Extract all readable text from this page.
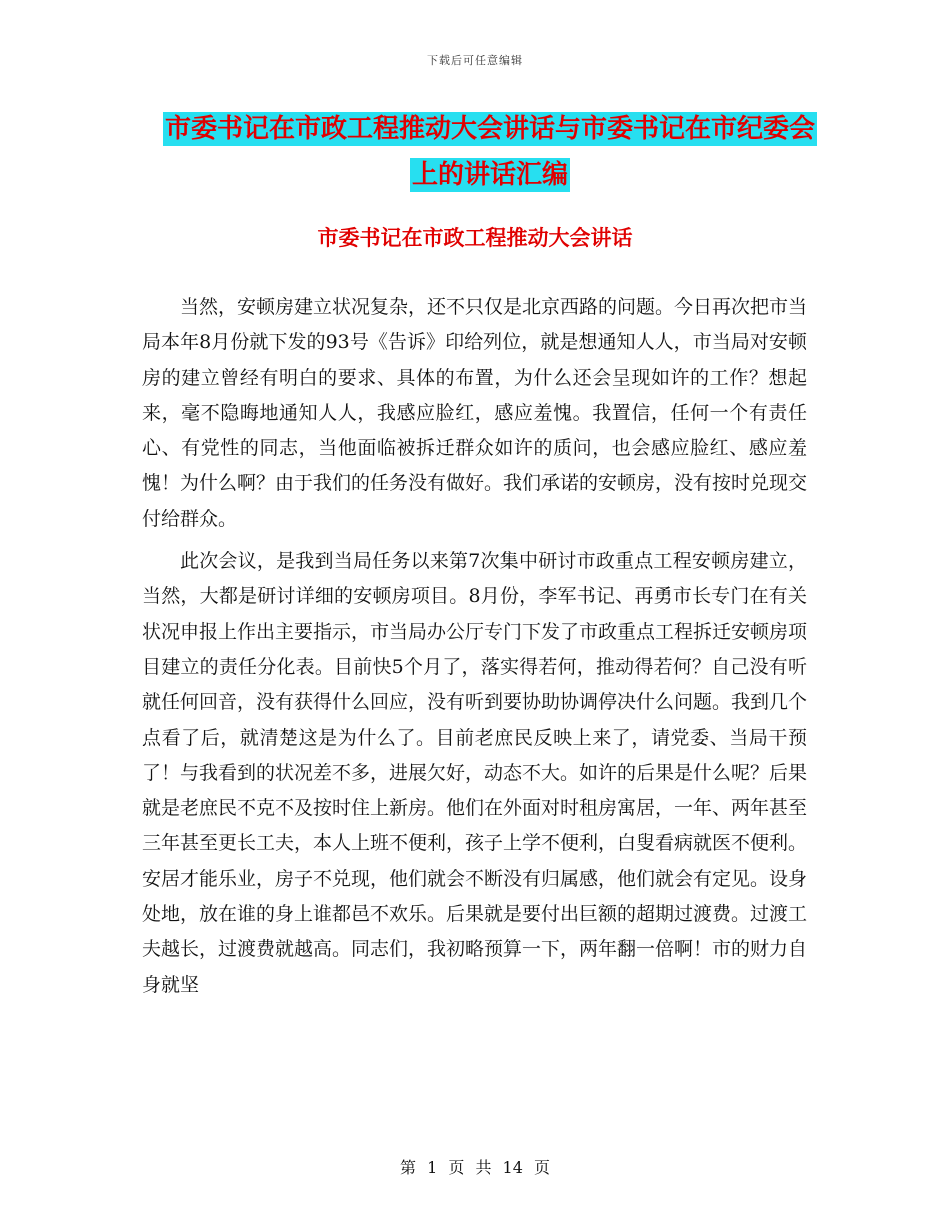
下载后可任意编辑
市委书记在市政工程推动大会讲话与市委书记在市纪委会上的讲话汇编
市委书记在市政工程推动大会讲话

当然，安顿房建立状况复杂，还不只仅是北京西路的问题。今日再次把市当局本年8月份就下发的93号《告诉》印给列位，就是想通知人人，市当局对安顿房的建立曾经有明白的要求、具体的布置，为什么还会呈现如许的工作？想起来，毫不隐晦地通知人人，我感应脸红，感应羞愧。我置信，任何一个有责任心、有党性的同志，当他面临被拆迁群众如许的质问，也会感应脸红、感应羞愧！为什么啊？由于我们的任务没有做好。我们承诺的安顿房，没有按时兑现交付给群众。

此次会议，是我到当局任务以来第7次集中研讨市政重点工程安顿房建立，当然，大都是研讨详细的安顿房项目。8月份，李军书记、再勇市长专门在有关状况申报上作出主要指示，市当局办公厅专门下发了市政重点工程拆迁安顿房项目建立的责任分化表。目前快5个月了，落实得若何，推动得若何？自己没有听就任何回音，没有获得什么回应，没有听到要协助协调停决什么问题。我到几个点看了后，就清楚这是为什么了。目前老庶民反映上来了，请党委、当局干预了！与我看到的状况差不多，进展欠好，动态不大。如许的后果是什么呢？后果就是老庶民不克不及按时住上新房。他们在外面对时租房寓居，一年、两年甚至三年甚至更长工夫，本人上班不便利，孩子上学不便利，白叟看病就医不便利。安居才能乐业，房子不兑现，他们就会不断没有归属感，他们就会有定见。设身处地，放在谁的身上谁都邑不欢乐。后果就是要付出巨额的超期过渡费。过渡工夫越长，过渡费就越高。同志们，我初略预算一下，两年翻一倍啊！市的财力自身就坚

第 1 页 共 14 页
